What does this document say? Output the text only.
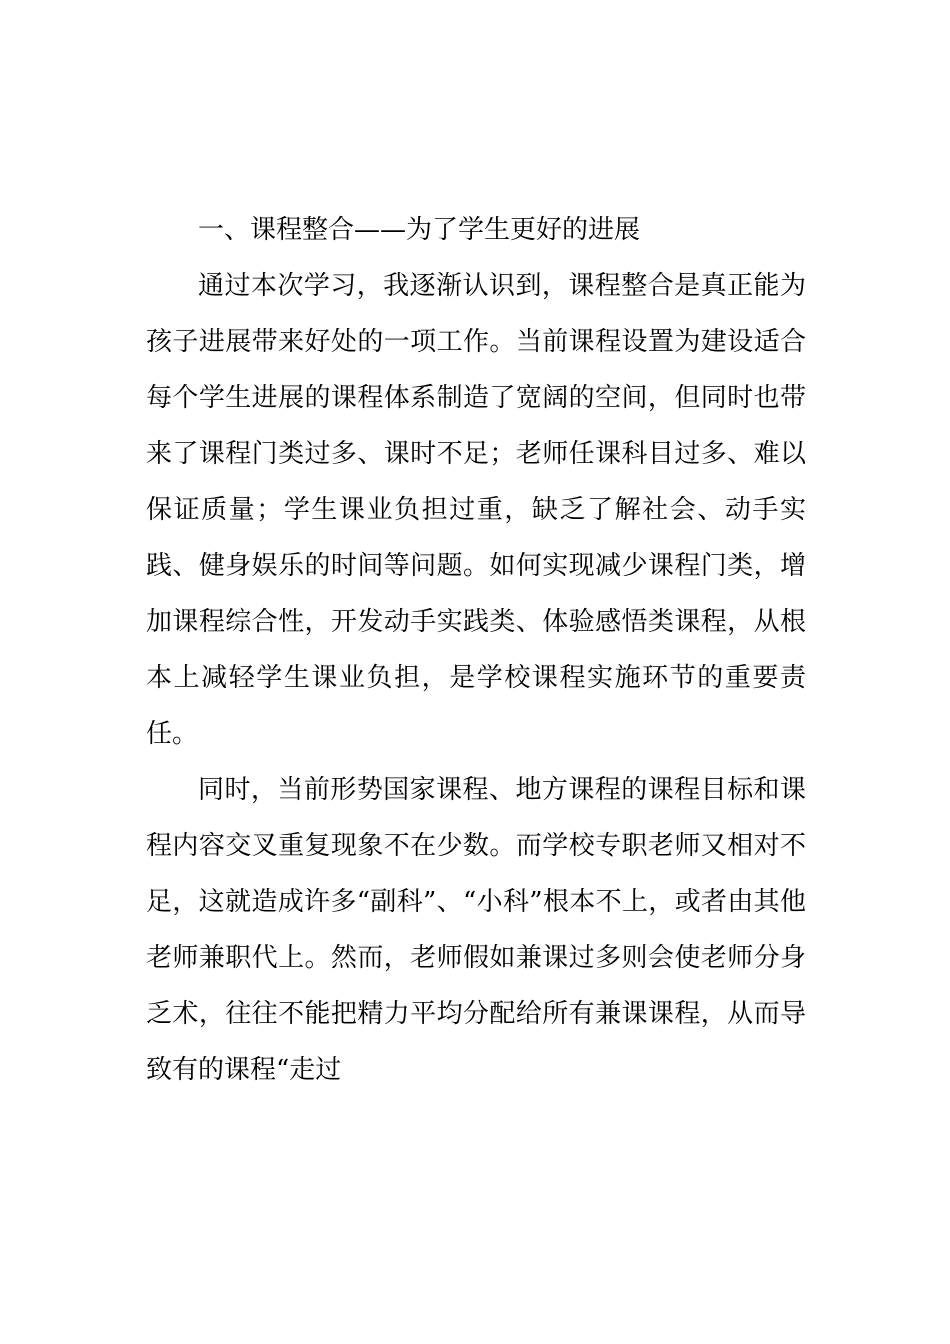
一、课程整合——为了学生更好的进展

通过本次学习，我逐渐认识到，课程整合是真正能为孩子进展带来好处的一项工作。当前课程设置为建设适合每个学生进展的课程体系制造了宽阔的空间，但同时也带来了课程门类过多、课时不足；老师任课科目过多、难以保证质量；学生课业负担过重，缺乏了解社会、动手实践、健身娱乐的时间等问题。如何实现减少课程门类，增加课程综合性，开发动手实践类、体验感悟类课程，从根本上减轻学生课业负担，是学校课程实施环节的重要责任。

同时，当前形势国家课程、地方课程的课程目标和课程内容交叉重复现象不在少数。而学校专职老师又相对不足，这就造成许多“副科”、“小科”根本不上，或者由其他老师兼职代上。然而，老师假如兼课过多则会使老师分身乏术，往往不能把精力平均分配给所有兼课课程，从而导致有的课程“走过
